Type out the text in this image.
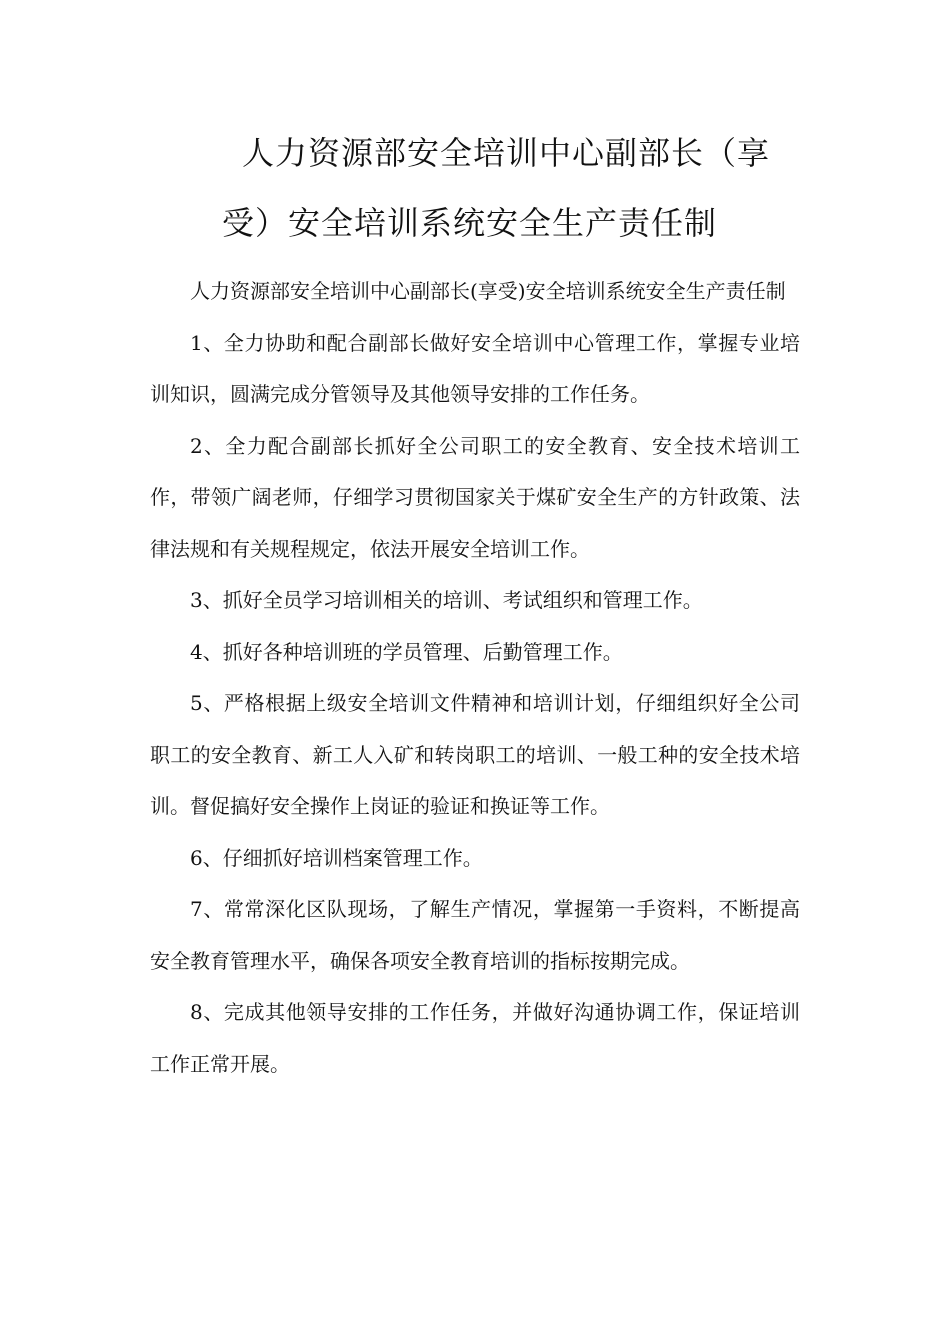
人力资源部安全培训中心副部长（享
受）安全培训系统安全生产责任制

人力资源部安全培训中心副部长(享受)安全培训系统安全生产责任制

1、全力协助和配合副部长做好安全培训中心管理工作，掌握专业培训知识，圆满完成分管领导及其他领导安排的工作任务。

2、全力配合副部长抓好全公司职工的安全教育、安全技术培训工作，带领广阔老师，仔细学习贯彻国家关于煤矿安全生产的方针政策、法律法规和有关规程规定，依法开展安全培训工作。

3、抓好全员学习培训相关的培训、考试组织和管理工作。

4、抓好各种培训班的学员管理、后勤管理工作。

5、严格根据上级安全培训文件精神和培训计划，仔细组织好全公司职工的安全教育、新工人入矿和转岗职工的培训、一般工种的安全技术培训。督促搞好安全操作上岗证的验证和换证等工作。

6、仔细抓好培训档案管理工作。

7、常常深化区队现场，了解生产情况，掌握第一手资料，不断提高安全教育管理水平，确保各项安全教育培训的指标按期完成。

8、完成其他领导安排的工作任务，并做好沟通协调工作，保证培训工作正常开展。
